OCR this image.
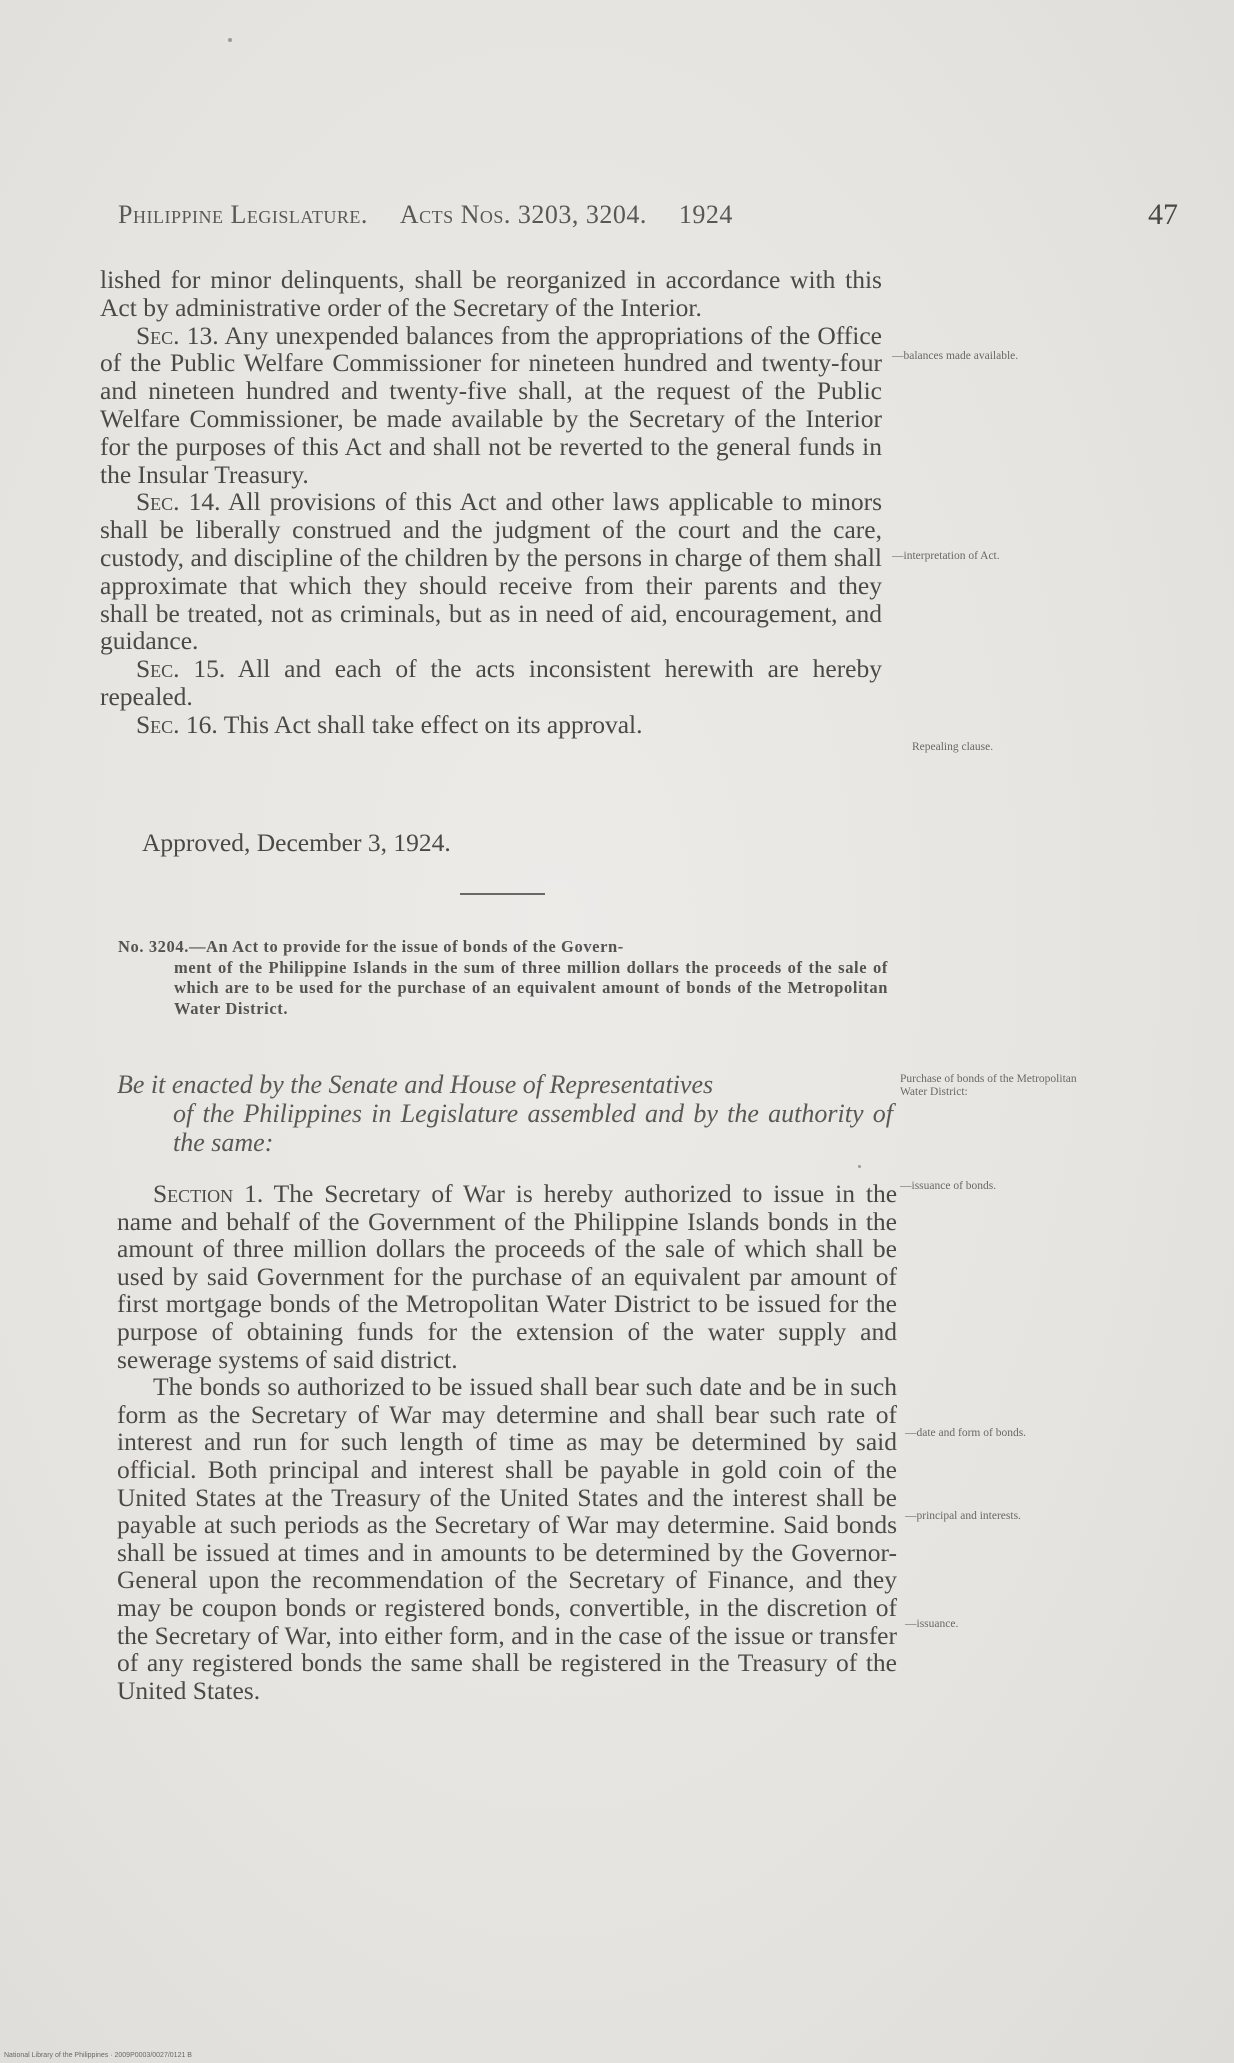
Philippine Legislature. Acts Nos. 3203, 3204. 1924	47

lished for minor delinquents, shall be reorganized in accordance with this Act by administrative order of the Secretary of the Interior.

Sec. 13. Any unexpended balances from the appropriations of the Office of the Public Welfare Commissioner for nineteen hundred and twenty-four and nineteen hundred and twenty-five shall, at the request of the Public Welfare Commissioner, be made available by the Secretary of the Interior for the purposes of this Act and shall not be reverted to the general funds in the Insular Treasury.

Sec. 14. All provisions of this Act and other laws applicable to minors shall be liberally construed and the judgment of the court and the care, custody, and discipline of the children by the persons in charge of them shall approximate that which they should receive from their parents and they shall be treated, not as criminals, but as in need of aid, encouragement, and guidance.

Sec. 15. All and each of the acts inconsistent herewith are hereby repealed.

Sec. 16. This Act shall take effect on its approval.

Approved, December 3, 1924.
No. 3204.—An Act to provide for the issue of bonds of the Govern-
ment of the Philippine Islands in the sum of three million dollars the proceeds of the sale of which are to be used for the purchase of an equivalent amount of bonds of the Metropolitan Water District.
Be it enacted by the Senate and House of Representatives
of the Philippines in Legislature assembled and by the authority of the same:

Section 1. The Secretary of War is hereby authorized to issue in the name and behalf of the Government of the Philippine Islands bonds in the amount of three million dollars the proceeds of the sale of which shall be used by said Government for the purchase of an equivalent par amount of first mortgage bonds of the Metropolitan Water District to be issued for the purpose of obtaining funds for the extension of the water supply and sewerage systems of said district.

The bonds so authorized to be issued shall bear such date and be in such form as the Secretary of War may determine and shall bear such rate of interest and run for such length of time as may be determined by said official. Both principal and interest shall be payable in gold coin of the United States at the Treasury of the United States and the interest shall be payable at such periods as the Secretary of War may determine. Said bonds shall be issued at times and in amounts to be determined by the Governor-General upon the recommendation of the Secretary of Finance, and they may be coupon bonds or registered bonds, convertible, in the discretion of the Secretary of War, into either form, and in the case of the issue or transfer of any registered bonds the same shall be registered in the Treasury of the United States.

—balances made available.
—interpretation of Act.
Repealing clause.
Purchase of bonds of the Metropolitan Water District:
—issuance of bonds.
—date and form of bonds.
—principal and interests.
—issuance.
National Library of the Philippines · 2009P0003/0027/0121 B
